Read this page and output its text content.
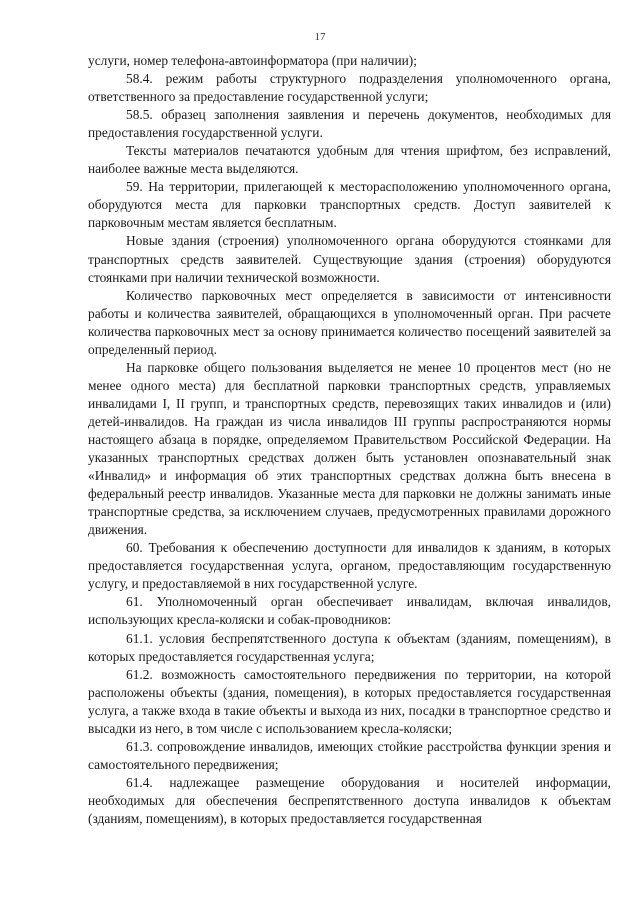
17

услуги, номер телефона-автоинформатора (при наличии);

58.4. режим работы структурного подразделения уполномоченного органа, ответственного за предоставление государственной услуги;

58.5. образец заполнения заявления и перечень документов, необходимых для предоставления государственной услуги.

Тексты материалов печатаются удобным для чтения шрифтом, без исправлений, наиболее важные места выделяются.

59. На территории, прилегающей к месторасположению уполномоченного органа, оборудуются места для парковки транспортных средств. Доступ заявителей к парковочным местам является бесплатным.

Новые здания (строения) уполномоченного органа оборудуются стоянками для транспортных средств заявителей. Существующие здания (строения) оборудуются стоянками при наличии технической возможности.

Количество парковочных мест определяется в зависимости от интенсивности работы и количества заявителей, обращающихся в уполномоченный орган. При расчете количества парковочных мест за основу принимается количество посещений заявителей за определенный период.

На парковке общего пользования выделяется не менее 10 процентов мест (но не менее одного места) для бесплатной парковки транспортных средств, управляемых инвалидами I, II групп, и транспортных средств, перевозящих таких инвалидов и (или) детей-инвалидов. На граждан из числа инвалидов III группы распространяются нормы настоящего абзаца в порядке, определяемом Правительством Российской Федерации. На указанных транспортных средствах должен быть установлен опознавательный знак «Инвалид» и информация об этих транспортных средствах должна быть внесена в федеральный реестр инвалидов. Указанные места для парковки не должны занимать иные транспортные средства, за исключением случаев, предусмотренных правилами дорожного движения.

60. Требования к обеспечению доступности для инвалидов к зданиям, в которых предоставляется государственная услуга, органом, предоставляющим государственную услугу, и предоставляемой в них государственной услуге.

61. Уполномоченный орган обеспечивает инвалидам, включая инвалидов, использующих кресла-коляски и собак-проводников:

61.1. условия беспрепятственного доступа к объектам (зданиям, помещениям), в которых предоставляется государственная услуга;

61.2. возможность самостоятельного передвижения по территории, на которой расположены объекты (здания, помещения), в которых предоставляется государственная услуга, а также входа в такие объекты и выхода из них, посадки в транспортное средство и высадки из него, в том числе с использованием кресла-коляски;

61.3. сопровождение инвалидов, имеющих стойкие расстройства функции зрения и самостоятельного передвижения;

61.4. надлежащее размещение оборудования и носителей информации, необходимых для обеспечения беспрепятственного доступа инвалидов к объектам (зданиям, помещениям), в которых предоставляется государственная
